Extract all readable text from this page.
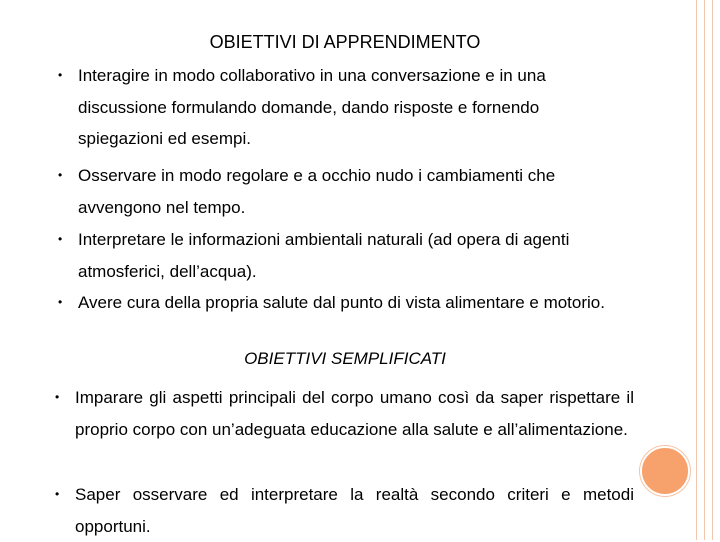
OBIETTIVI DI APPRENDIMENTO
• Interagire in modo collaborativo in una conversazione e in una discussione formulando domande, dando risposte e fornendo spiegazioni ed esempi.
• Osservare in modo regolare e a occhio nudo i cambiamenti che avvengono nel tempo.
• Interpretare le informazioni ambientali naturali (ad opera di agenti atmosferici, dell’acqua).
• Avere cura della propria salute dal punto di vista alimentare e motorio.
OBIETTIVI SEMPLIFICATI
• Imparare gli aspetti principali del corpo umano così da saper rispettare il proprio corpo con un’adeguata educazione alla salute e all’alimentazione.
• Saper osservare ed interpretare la realtà secondo criteri e metodi opportuni.
